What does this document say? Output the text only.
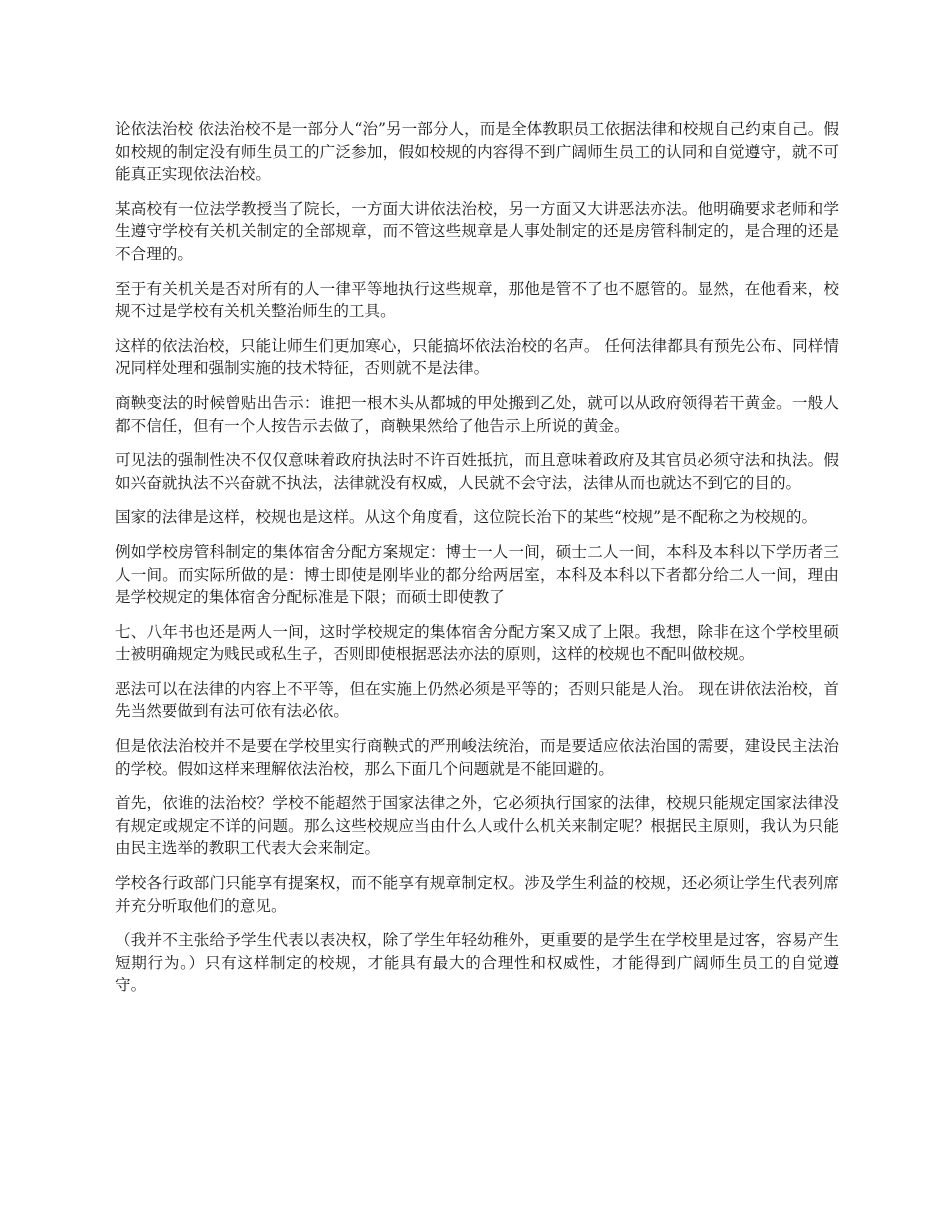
论依法治校 依法治校不是一部分人“治”另一部分人，而是全体教职员工依据法律和校规自己约束自己。假如校规的制定没有师生员工的广泛参加，假如校规的内容得不到广阔师生员工的认同和自觉遵守，就不可能真正实现依法治校。

某高校有一位法学教授当了院长，一方面大讲依法治校，另一方面又大讲恶法亦法。他明确要求老师和学生遵守学校有关机关制定的全部规章，而不管这些规章是人事处制定的还是房管科制定的，是合理的还是不合理的。

至于有关机关是否对所有的人一律平等地执行这些规章，那他是管不了也不愿管的。显然，在他看来，校规不过是学校有关机关整治师生的工具。

这样的依法治校，只能让师生们更加寒心，只能搞坏依法治校的名声。 任何法律都具有预先公布、同样情况同样处理和强制实施的技术特征，否则就不是法律。

商鞅变法的时候曾贴出告示：谁把一根木头从都城的甲处搬到乙处，就可以从政府领得若干黄金。一般人都不信任，但有一个人按告示去做了，商鞅果然给了他告示上所说的黄金。

可见法的强制性决不仅仅意味着政府执法时不许百姓抵抗，而且意味着政府及其官员必须守法和执法。假如兴奋就执法不兴奋就不执法，法律就没有权威，人民就不会守法，法律从而也就达不到它的目的。

国家的法律是这样，校规也是这样。从这个角度看，这位院长治下的某些“校规”是不配称之为校规的。

例如学校房管科制定的集体宿舍分配方案规定：博士一人一间，硕士二人一间，本科及本科以下学历者三人一间。而实际所做的是：博士即使是刚毕业的都分给两居室，本科及本科以下者都分给二人一间，理由是学校规定的集体宿舍分配标准是下限；而硕士即使教了

七、八年书也还是两人一间，这时学校规定的集体宿舍分配方案又成了上限。我想，除非在这个学校里硕士被明确规定为贱民或私生子，否则即使根据恶法亦法的原则，这样的校规也不配叫做校规。

恶法可以在法律的内容上不平等，但在实施上仍然必须是平等的；否则只能是人治。 现在讲依法治校，首先当然要做到有法可依有法必依。

但是依法治校并不是要在学校里实行商鞅式的严刑峻法统治，而是要适应依法治国的需要，建设民主法治的学校。假如这样来理解依法治校，那么下面几个问题就是不能回避的。

首先，依谁的法治校？学校不能超然于国家法律之外，它必须执行国家的法律，校规只能规定国家法律没有规定或规定不详的问题。那么这些校规应当由什么人或什么机关来制定呢？根据民主原则，我认为只能由民主选举的教职工代表大会来制定。

学校各行政部门只能享有提案权，而不能享有规章制定权。涉及学生利益的校规，还必须让学生代表列席并充分听取他们的意见。

（我并不主张给予学生代表以表决权，除了学生年轻幼稚外，更重要的是学生在学校里是过客，容易产生短期行为。）只有这样制定的校规，才能具有最大的合理性和权威性，才能得到广阔师生员工的自觉遵守。
